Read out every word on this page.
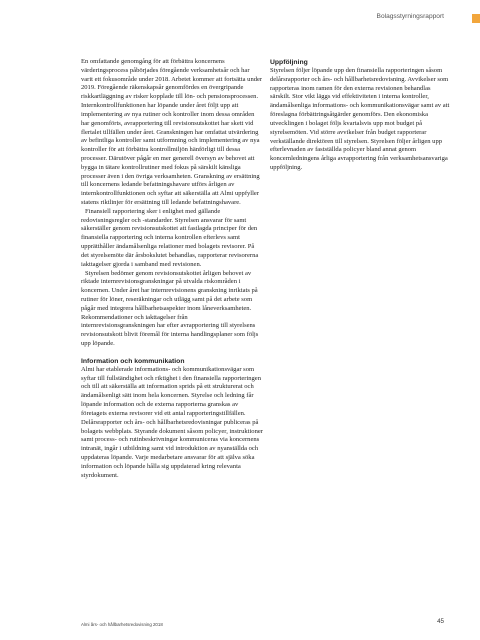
Bolagsstyrningsrapport

En omfattande genomgång för att förbättra koncernens värderingsprocess påbörjades föregående verksamhetsår och har varit ett fokusområde under 2018. Arbetet kommer att fortsätta under 2019. Föregående räkenskapsår genomfördes en övergripande riskkartläggning av risker kopplade till lön- och pensionsprocessen. Internkontrollfunktionen har löpande under året följt upp att implementering av nya rutiner och kontroller inom dessa områden har genomförts, avrapportering till revisionsutskottet har skett vid flertalet tillfällen under året. Granskningen har omfattat utvärdering av befintliga kontroller samt utformning och implementering av nya kontroller för att förbättra kontrollmiljön hänförligt till dessa processer. Därutöver pågår en mer generell översyn av behovet att bygga in tätare kontrollrutiner med fokus på särskilt känsliga processer även i den övriga verksamheten. Granskning av ersättning till koncernens ledande befattningshavare utförs årligen av internkontrollfunktionen och syftar att säkerställa att Almi uppfyller statens riktlinjer för ersättning till ledande befattningshavare.

Finansiell rapportering sker i enlighet med gällande redovisningsregler och -standarder. Styrelsen ansvarar för samt säkerställer genom revisionsutskottet att fastlagda principer för den finansiella rapportering och interna kontrollen efterlevs samt upprätthåller ändamålsenliga relationer med bolagets revisorer. På det styrelsemöte där årsbokslutet behandlas, rapporterar revisorerna iakttagelser gjorda i samband med revisionen.

Styrelsen bedömer genom revisionsutskottet årligen behovet av riktade internrevisionsgranskningar på utvalda riskområden i koncernen. Under året har internrevisionens granskning inriktats på rutiner för löner, reseräkningar och utlägg samt på det arbete som pågår med integrera hållbarhetsaspekter inom låneverksamheten. Rekommendationer och iakttagelser från internrevisionsgranskningen har efter avrapportering till styrelsens revisionsutskott blivit föremål för interna handlingsplaner som följs upp löpande.

Information och kommunikation

Almi har etablerade informations- och kommunikationsvägar som syftar till fullständighet och riktighet i den finansiella rapporteringen och till att säkerställa att information sprids på ett strukturerat och ändamålsenligt sätt inom hela koncernen. Styrelse och ledning får löpande information och de externa rapporterna granskas av företagets externa revisorer vid ett antal rapporteringstillfällen. Delårsrapporter och års- och hållbarhetsredovisningar publiceras på bolagets webbplats. Styrande dokument såsom policyer, instruktioner samt process- och rutinbeskrivningar kommuniceras via koncernens intranät, ingår i utbildning samt vid introduktion av nyanställda och uppdateras löpande. Varje medarbetare ansvarar för att själva söka information och löpande hålla sig uppdaterad kring relevanta styrdokument.

Uppföljning

Styrelsen följer löpande upp den finansiella rapporteringen såsom delårsrapporter och års- och hållbarhetsredovisning. Avvikelser som rapporteras inom ramen för den externa revisionen behandlas särskilt. Stor vikt läggs vid effektiviteten i interna kontroller, ändamålsenliga informations- och kommunikationsvägar samt av att föreslagna förbättringsåtgärder genomförs. Den ekonomiska utvecklingen i bolaget följs kvartalsvis upp mot budget på styrelsemöten. Vid större avvikelser från budget rapporterar verkställande direktören till styrelsen. Styrelsen följer årligen upp efterlevnaden av fastställda policyer bland annat genom koncernledningens årliga avrapportering från verksamhetsansvariga uppföljning.

Almi års- och hållbarhetsredovisning 2018	45
